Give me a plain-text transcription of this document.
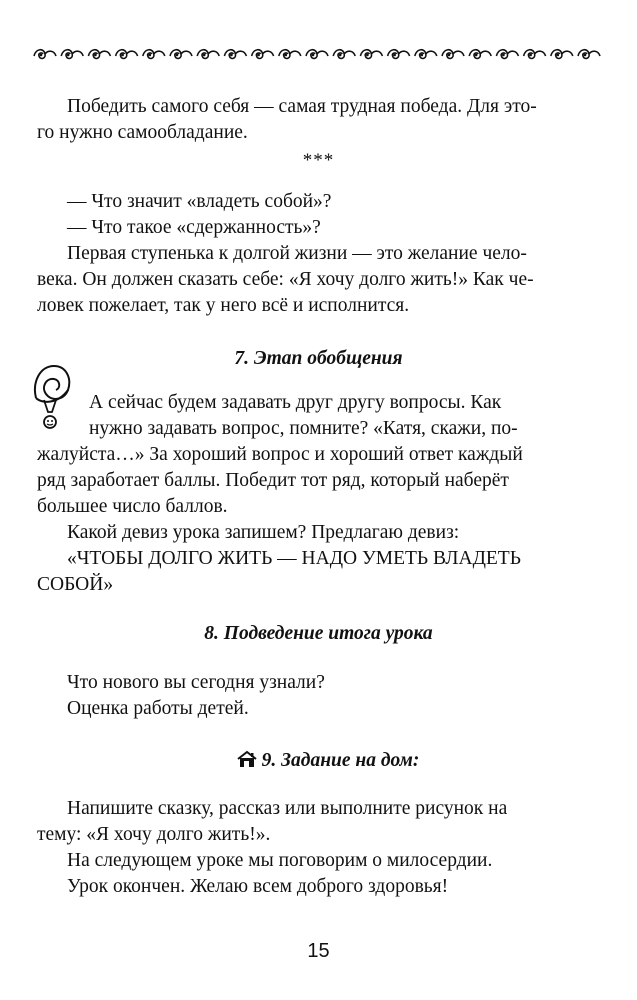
Победить самого себя — самая трудная победа. Для это-

го нужно самообладание.

***

— Что значит «владеть собой»?

— Что такое «сдержанность»?

Первая ступенька к долгой жизни — это желание чело-

века. Он должен сказать себе: «Я хочу долго жить!» Как че-

ловек пожелает, так у него всё и исполнится.

7. Этап обобщения

А сейчас будем задавать друг другу вопросы. Как

нужно задавать вопрос, помните? «Катя, скажи, по-

жалуйста…» За хороший вопрос и хороший ответ каждый

ряд заработает баллы. Победит тот ряд, который наберёт

большее число баллов.

Какой девиз урока запишем? Предлагаю девиз:

«ЧТОБЫ ДОЛГО ЖИТЬ — НАДО УМЕТЬ ВЛАДЕТЬ

СОБОЙ»

8. Подведение итога урока

Что нового вы сегодня узнали?

Оценка работы детей.

9. Задание на дом:

Напишите сказку, рассказ или выполните рисунок на

тему: «Я хочу долго жить!».

На следующем уроке мы поговорим о милосердии.

Урок окончен. Желаю всем доброго здоровья!

15
